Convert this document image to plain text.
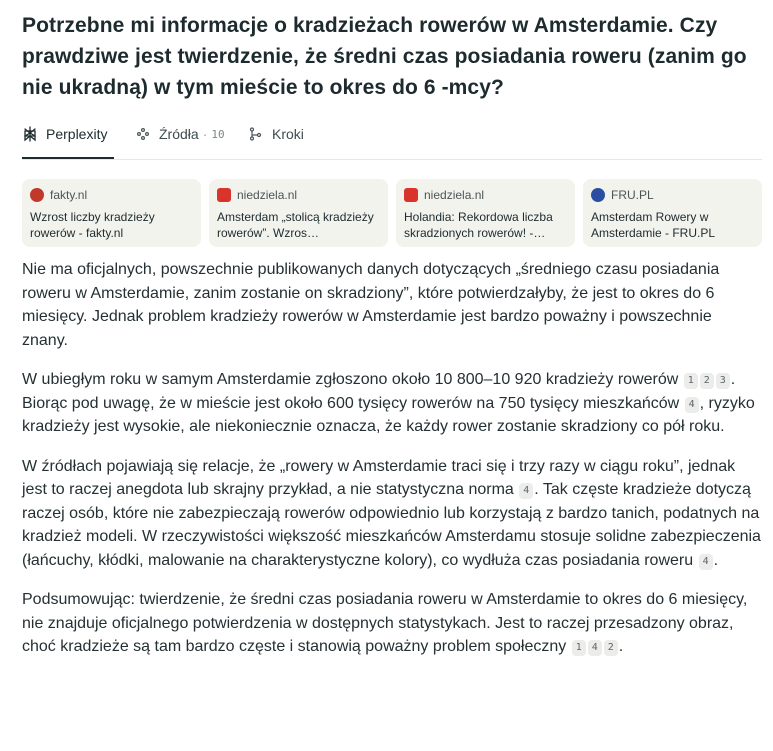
Potrzebne mi informacje o kradzieżach rowerów w Amsterdamie. Czy prawdziwe jest twierdzenie, że średni czas posiadania roweru (zanim go nie ukradną) w tym mieście to okres do 6 -mcy?
Perplexity	Źródła · 10	Kroki
fakty.nl
Wzrost liczby kradzieży rowerów - fakty.nl
niedziela.nl
Amsterdam „stolicą kradzieży rowerów”. Wzros…
niedziela.nl
Holandia: Rekordowa liczba skradzionych rowerów! -…
FRU.PL
Amsterdam Rowery w Amsterdamie - FRU.PL

Nie ma oficjalnych, powszechnie publikowanych danych dotyczących „średniego czasu posiadania roweru w Amsterdamie, zanim zostanie on skradziony”, które potwierdzałyby, że jest to okres do 6 miesięcy. Jednak problem kradzieży rowerów w Amsterdamie jest bardzo poważny i powszechnie znany.

W ubiegłym roku w samym Amsterdamie zgłoszono około 10 800–10 920 kradzieży rowerów 1 2 3 . Biorąc pod uwagę, że w mieście jest około 600 tysięcy rowerów na 750 tysięcy mieszkańców 4 , ryzyko kradzieży jest wysokie, ale niekoniecznie oznacza, że każdy rower zostanie skradziony co pół roku.

W źródłach pojawiają się relacje, że „rowery w Amsterdamie traci się i trzy razy w ciągu roku”, jednak jest to raczej anegdota lub skrajny przykład, a nie statystyczna norma 4 . Tak częste kradzieże dotyczą raczej osób, które nie zabezpieczają rowerów odpowiednio lub korzystają z bardzo tanich, podatnych na kradzież modeli. W rzeczywistości większość mieszkańców Amsterdamu stosuje solidne zabezpieczenia (łańcuchy, kłódki, malowanie na charakterystyczne kolory), co wydłuża czas posiadania roweru 4 .

Podsumowując: twierdzenie, że średni czas posiadania roweru w Amsterdamie to okres do 6 miesięcy, nie znajduje oficjalnego potwierdzenia w dostępnych statystykach. Jest to raczej przesadzony obraz, choć kradzieże są tam bardzo częste i stanowią poważny problem społeczny 1 4 2 .
